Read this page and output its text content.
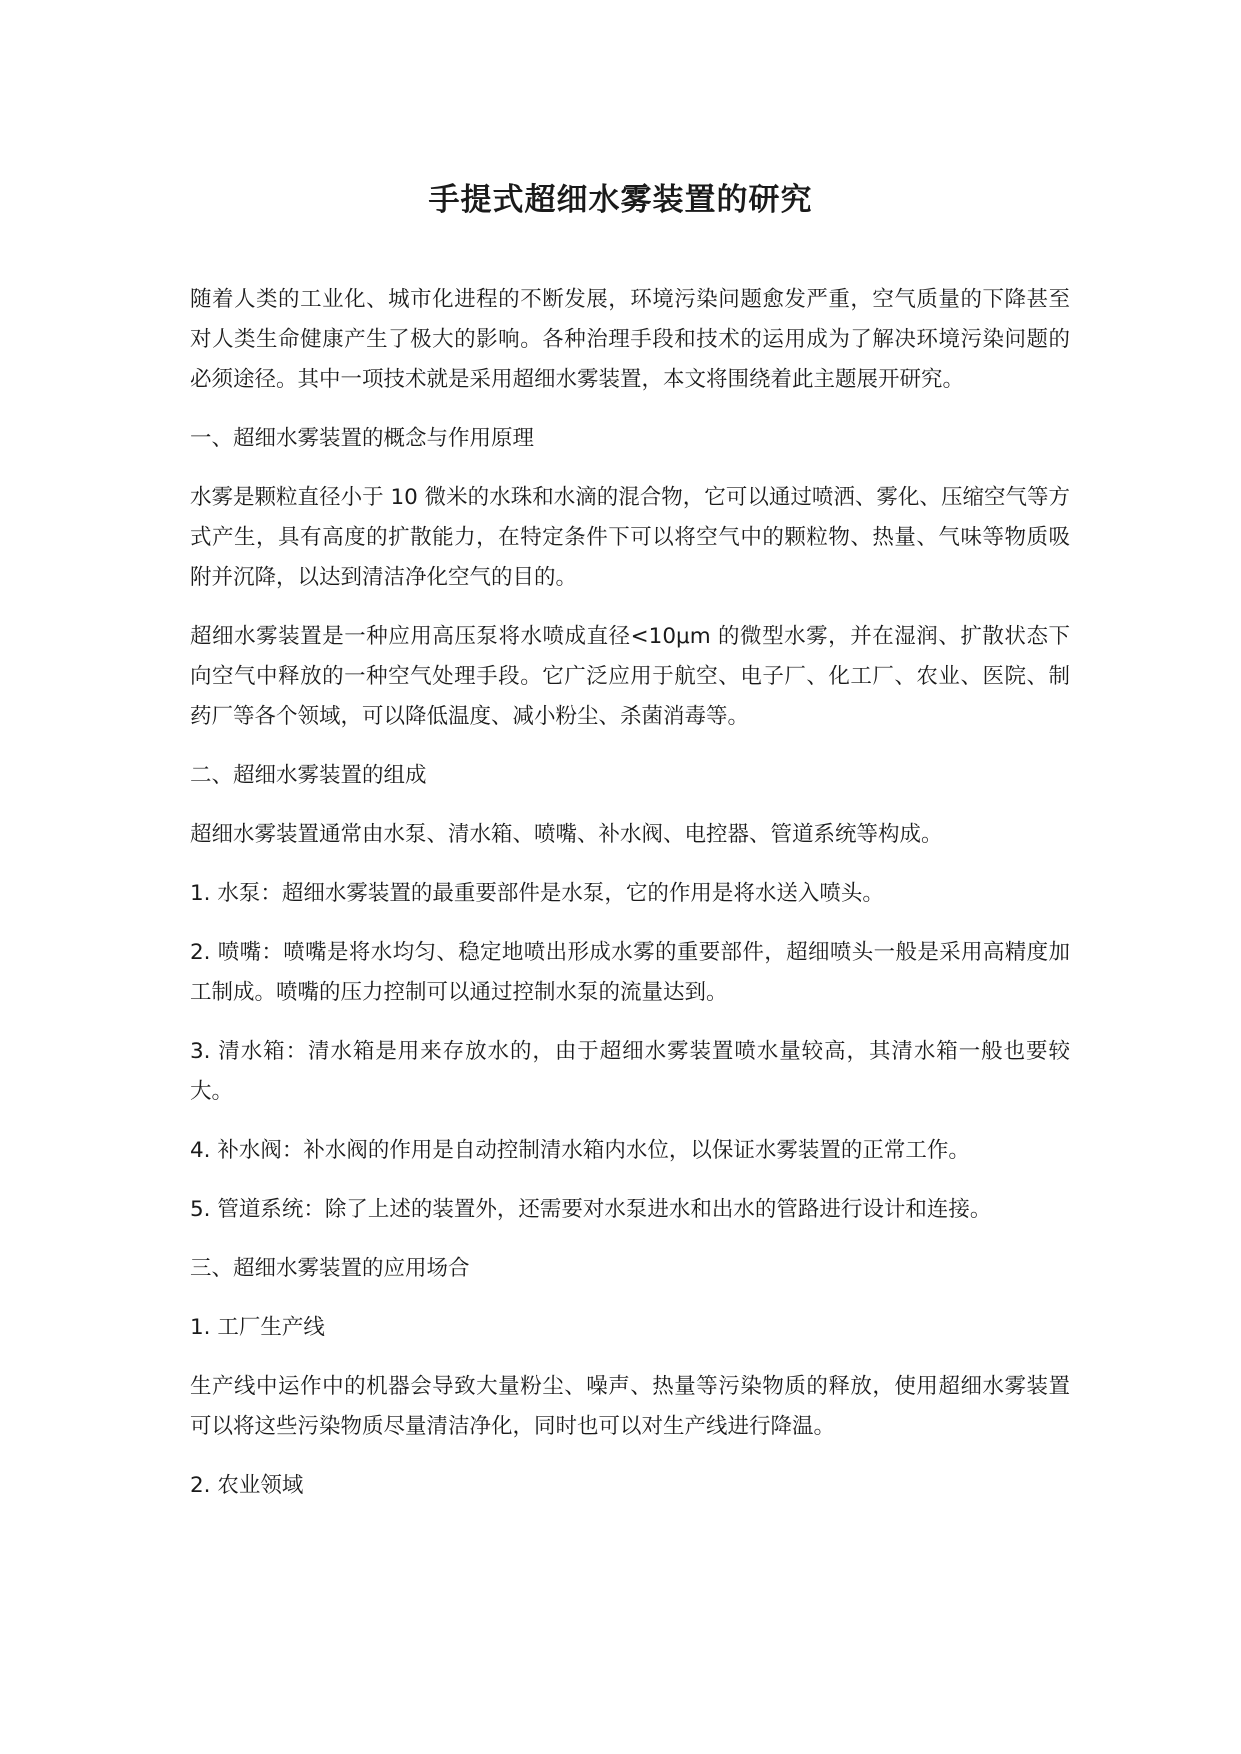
手提式超细水雾装置的研究

随着人类的工业化、城市化进程的不断发展，环境污染问题愈发严重，空气质量的下降甚至对人类生命健康产生了极大的影响。各种治理手段和技术的运用成为了解决环境污染问题的必须途径。其中一项技术就是采用超细水雾装置，本文将围绕着此主题展开研究。

一、超细水雾装置的概念与作用原理

水雾是颗粒直径小于 10 微米的水珠和水滴的混合物，它可以通过喷洒、雾化、压缩空气等方式产生，具有高度的扩散能力，在特定条件下可以将空气中的颗粒物、热量、气味等物质吸附并沉降，以达到清洁净化空气的目的。

超细水雾装置是一种应用高压泵将水喷成直径<10μm 的微型水雾，并在湿润、扩散状态下向空气中释放的一种空气处理手段。它广泛应用于航空、电子厂、化工厂、农业、医院、制药厂等各个领域，可以降低温度、减小粉尘、杀菌消毒等。

二、超细水雾装置的组成

超细水雾装置通常由水泵、清水箱、喷嘴、补水阀、电控器、管道系统等构成。

1. 水泵：超细水雾装置的最重要部件是水泵，它的作用是将水送入喷头。

2. 喷嘴：喷嘴是将水均匀、稳定地喷出形成水雾的重要部件，超细喷头一般是采用高精度加工制成。喷嘴的压力控制可以通过控制水泵的流量达到。

3. 清水箱：清水箱是用来存放水的，由于超细水雾装置喷水量较高，其清水箱一般也要较大。

4. 补水阀：补水阀的作用是自动控制清水箱内水位，以保证水雾装置的正常工作。

5. 管道系统：除了上述的装置外，还需要对水泵进水和出水的管路进行设计和连接。

三、超细水雾装置的应用场合

1. 工厂生产线

生产线中运作中的机器会导致大量粉尘、噪声、热量等污染物质的释放，使用超细水雾装置可以将这些污染物质尽量清洁净化，同时也可以对生产线进行降温。

2. 农业领域
